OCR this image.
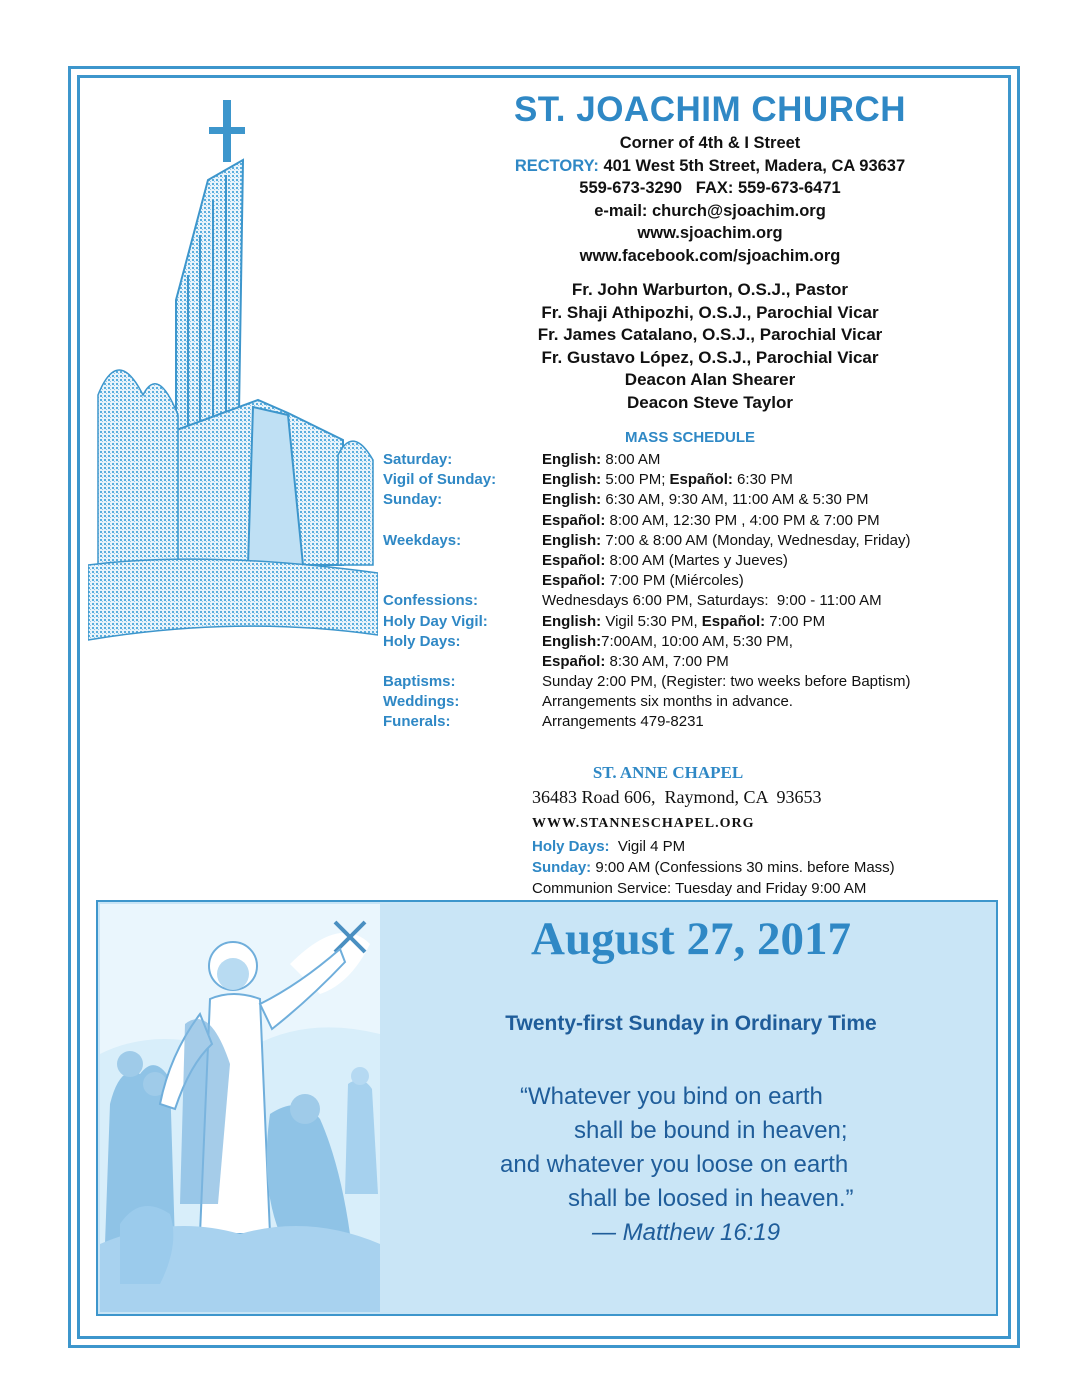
ST. JOACHIM CHURCH
Corner of 4th & I Street
RECTORY: 401 West 5th Street, Madera, CA 93637
559-673-3290   FAX: 559-673-6471
e-mail: church@sjoachim.org
www.sjoachim.org
www.facebook.com/sjoachim.org
Fr. John Warburton, O.S.J., Pastor
Fr. Shaji Athipozhi, O.S.J., Parochial Vicar
Fr. James Catalano, O.S.J., Parochial Vicar
Fr. Gustavo López, O.S.J., Parochial Vicar
Deacon Alan Shearer
Deacon Steve Taylor
MASS SCHEDULE
Saturday:	English: 8:00 AM
Vigil of Sunday:	English: 5:00 PM; Español: 6:30 PM
Sunday:	English: 6:30 AM, 9:30 AM, 11:00 AM & 5:30 PM
Español: 8:00 AM, 12:30 PM , 4:00 PM & 7:00 PM
Weekdays:	English: 7:00 & 8:00 AM (Monday, Wednesday, Friday)
Español: 8:00 AM (Martes y Jueves)
Español: 7:00 PM (Miércoles)
Confessions:	Wednesdays 6:00 PM, Saturdays:  9:00 - 11:00 AM
Holy Day Vigil:	English: Vigil 5:30 PM, Español: 7:00 PM
Holy Days:	English:7:00AM, 10:00 AM, 5:30 PM,
Español: 8:30 AM, 7:00 PM
Baptisms:	Sunday 2:00 PM, (Register: two weeks before Baptism)
Weddings:	Arrangements six months in advance.
Funerals:	Arrangements 479-8231
ST. ANNE CHAPEL
36483 Road 606,  Raymond, CA  93653
WWW.STANNESCHAPEL.ORG
Holy Days:  Vigil 4 PM
Sunday: 9:00 AM (Confessions 30 mins. before Mass)
Communion Service: Tuesday and Friday 9:00 AM
August 27, 2017
Twenty-first Sunday in Ordinary Time
“Whatever you bind on earth
shall be bound in heaven;
and whatever you loose on earth
shall be loosed in heaven.”
— Matthew 16:19
